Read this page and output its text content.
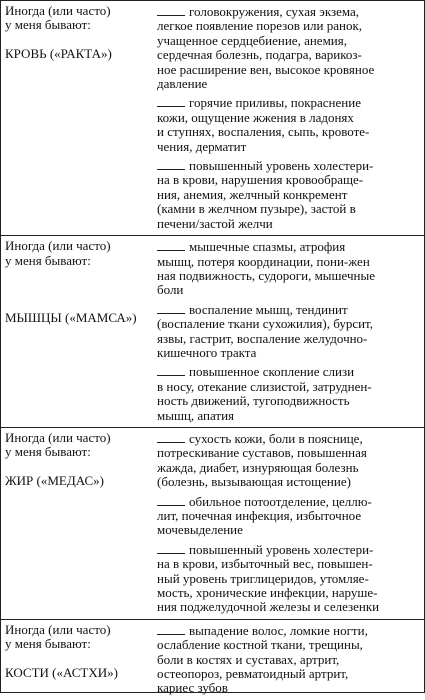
Иногда (или часто)

у меня бывают:

КРОВЬ («РАКТА»)

головокружения, сухая экзема,
легкое появление порезов или ранок,
учащенное сердцебиение, анемия,
сердечная болезнь, подагра, варикоз-
ное расширение вен, высокое кровяное
давление
горячие приливы, покраснение
кожи, ощущение жжения в ладонях
и ступнях, воспаления, сыпь, кровоте-
чения, дерматит
повышенный уровень холестери-
на в крови, нарушения кровообраще-
ния, анемия, желчный конкремент
(камни в желчном пузыре), застой в
печени/застой желчи

Иногда (или часто)

у меня бывают:

МЫШЦЫ («МАМСА»)

мышечные спазмы, атрофия
мышц, потеря координации, пони-жен
ная подвижность, судороги, мышечные
боли
воспаление мышц, тендинит
(воспаление ткани сухожилия), бурсит,
язвы, гастрит, воспаление желудочно-
кишечного тракта
повышенное скопление слизи
в носу, отекание слизистой, затруднен-
ность движений, тугоподвижность
мышц, апатия

Иногда (или часто)

у меня бывают:

ЖИР («МЕДАС»)

сухость кожи, боли в пояснице,
потрескивание суставов, повышенная
жажда, диабет, изнуряющая болезнь
(болезнь, вызывающая истощение)
обильное потоотделение, целлю-
лит, почечная инфекция, избыточное
мочевыделение
повышенный уровень холестери-
на в крови, избыточный вес, повышен-
ный уровень триглицеридов, утомляе-
мость, хронические инфекции, наруше-
ния поджелудочной железы и селезенки

Иногда (или часто)

у меня бывают:

КОСТИ («АСТХИ»)

выпадение волос, ломкие ногти,
ослабление костной ткани, трещины,
боли в костях и суставах, артрит,
остеопороз, ревматоидный артрит,
кариес зубов
